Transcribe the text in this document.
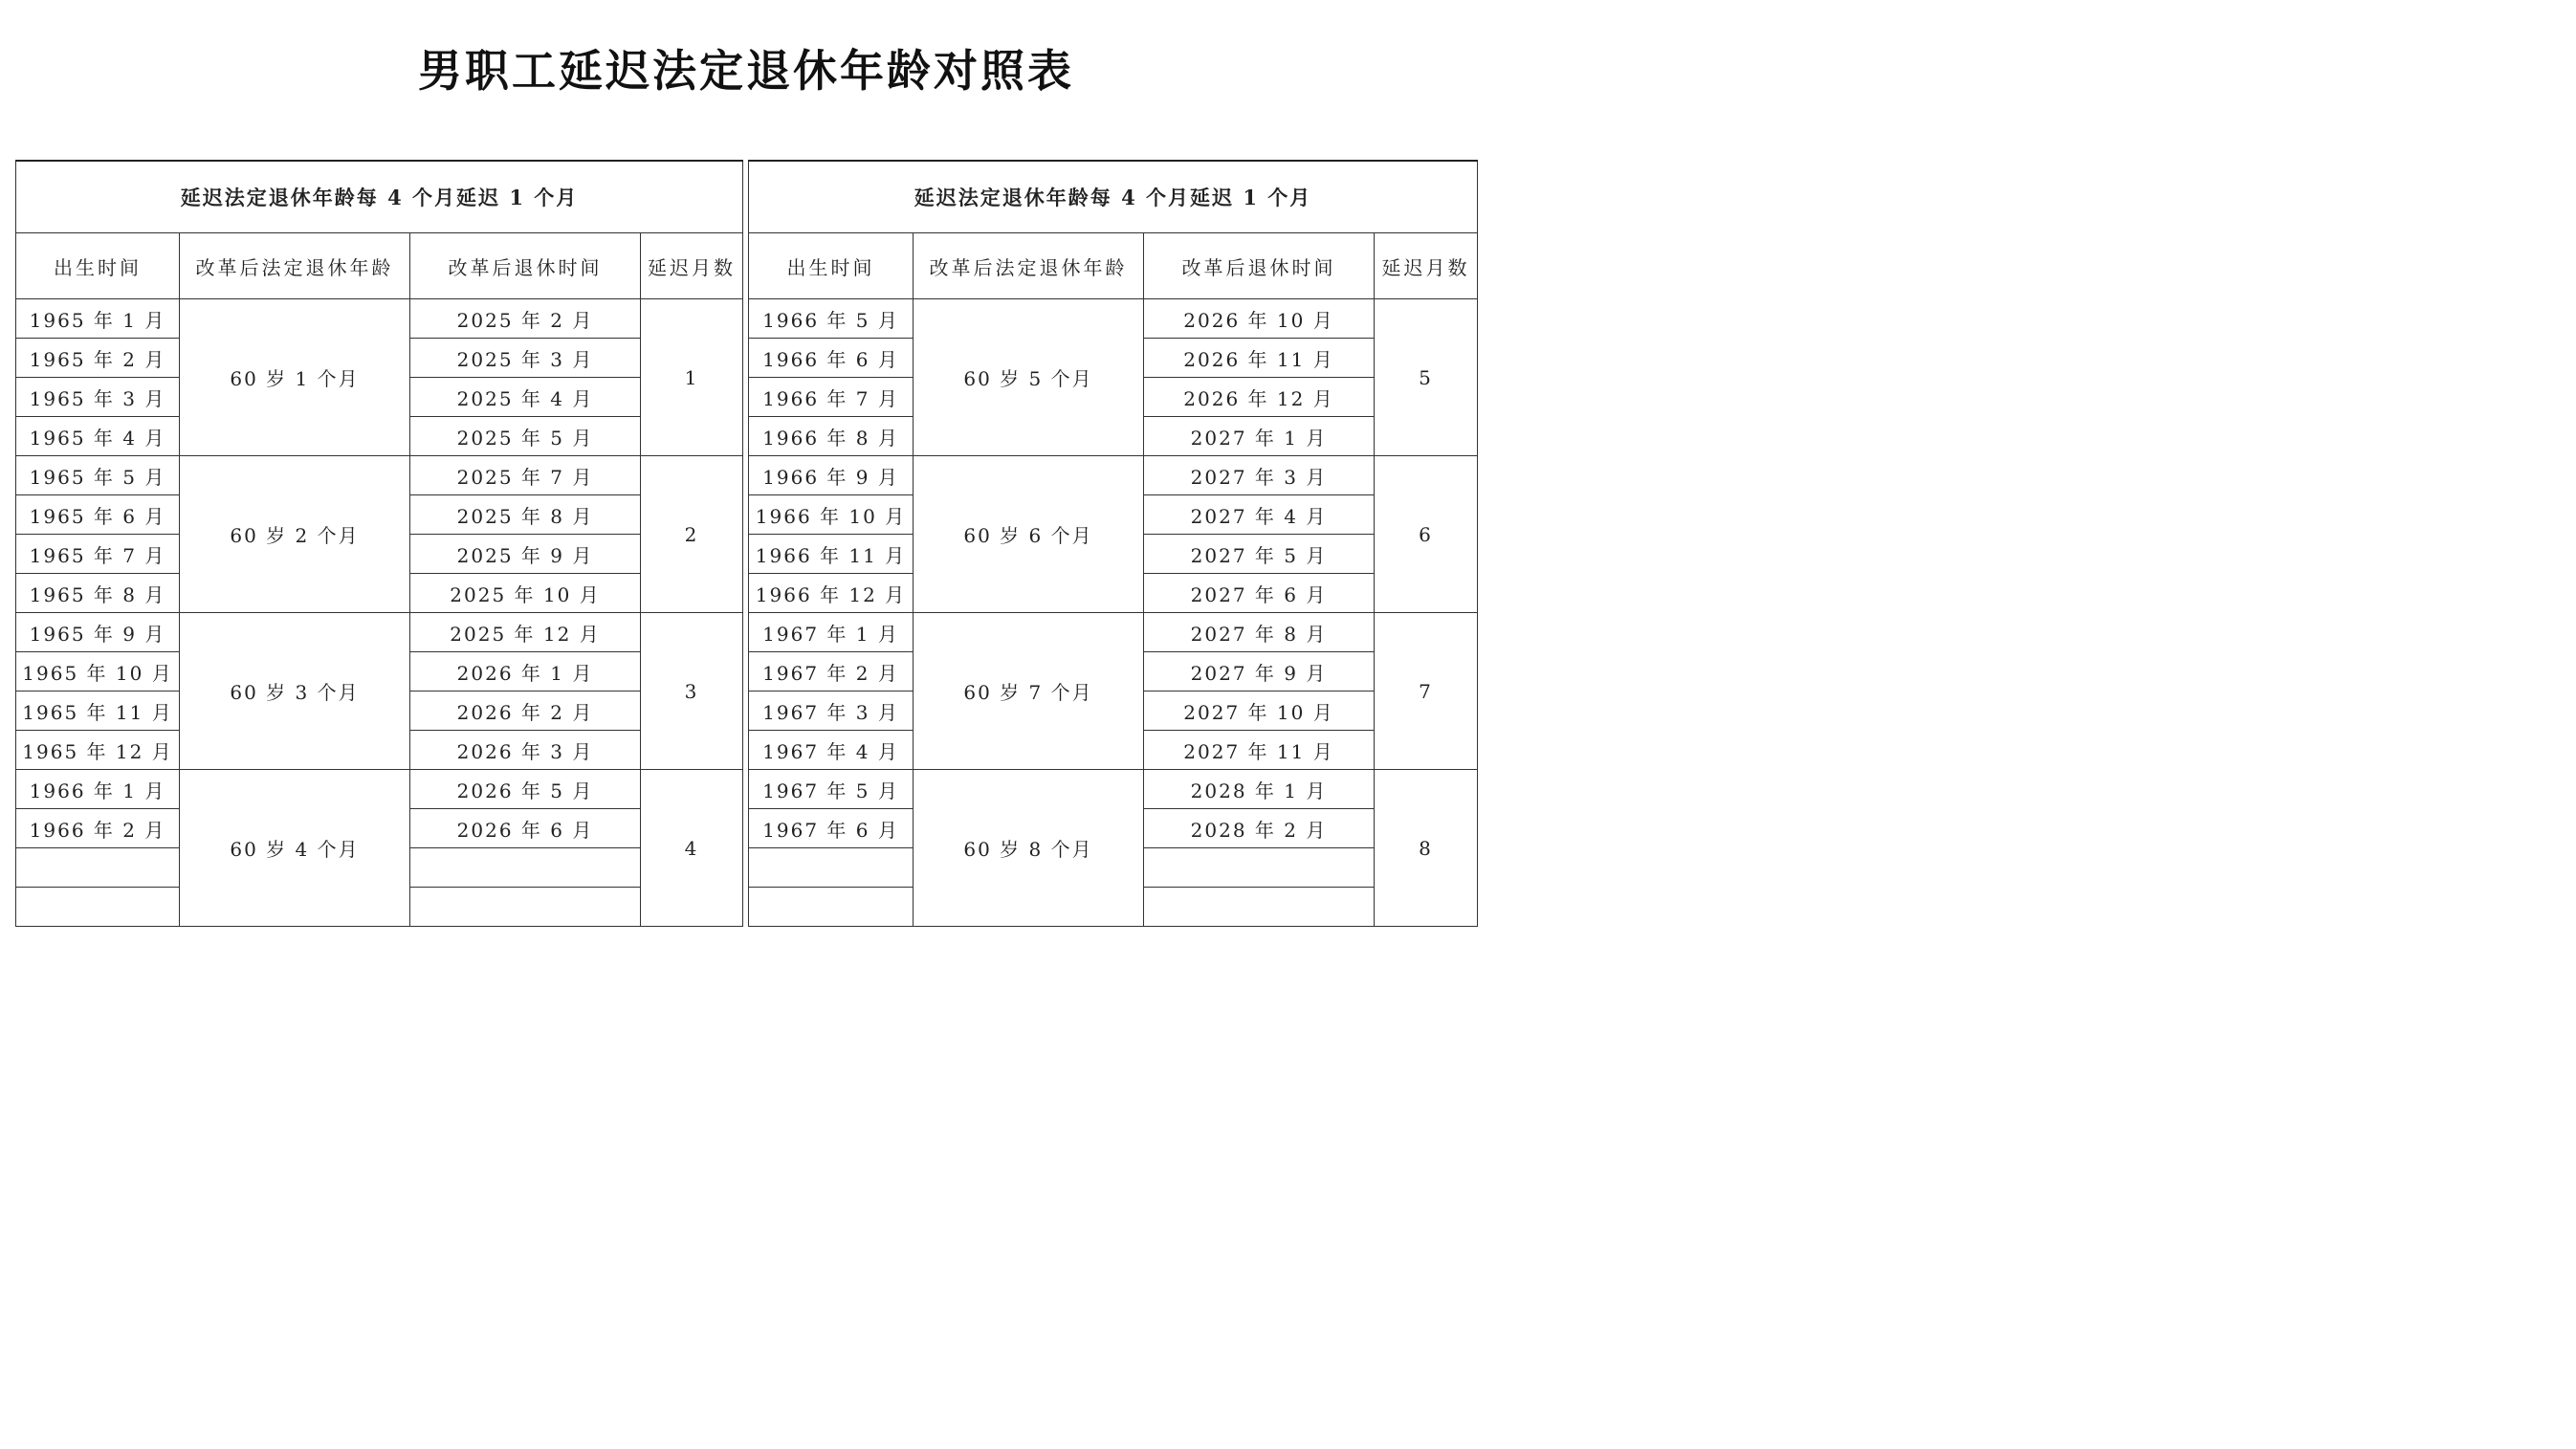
男职工延迟法定退休年龄对照表
延迟法定退休年龄每 4 个月延迟 1 个月			
出生时间	改革后法定退休年龄	改革后退休时间	延迟月数
1965 年 1 月	60 岁 1 个月	2025 年 2 月	1
1965 年 2 月		2025 年 3 月	
1965 年 3 月		2025 年 4 月	
1965 年 4 月		2025 年 5 月	
1965 年 5 月	60 岁 2 个月	2025 年 7 月	2
1965 年 6 月		2025 年 8 月	
1965 年 7 月		2025 年 9 月	
1965 年 8 月		2025 年 10 月	
1965 年 9 月	60 岁 3 个月	2025 年 12 月	3
1965 年 10 月		2026 年 1 月	
1965 年 11 月		2026 年 2 月	
1965 年 12 月		2026 年 3 月	
1966 年 1 月	60 岁 4 个月	2026 年 5 月	4
1966 年 2 月		2026 年 6 月	

延迟法定退休年龄每 4 个月延迟 1 个月			
出生时间	改革后法定退休年龄	改革后退休时间	延迟月数
1966 年 5 月	60 岁 5 个月	2026 年 10 月	5
1966 年 6 月		2026 年 11 月	
1966 年 7 月		2026 年 12 月	
1966 年 8 月		2027 年 1 月	
1966 年 9 月	60 岁 6 个月	2027 年 3 月	6
1966 年 10 月		2027 年 4 月	
1966 年 11 月		2027 年 5 月	
1966 年 12 月		2027 年 6 月	
1967 年 1 月	60 岁 7 个月	2027 年 8 月	7
1967 年 2 月		2027 年 9 月	
1967 年 3 月		2027 年 10 月	
1967 年 4 月		2027 年 11 月	
1967 年 5 月	60 岁 8 个月	2028 年 1 月	8
1967 年 6 月		2028 年 2 月	
